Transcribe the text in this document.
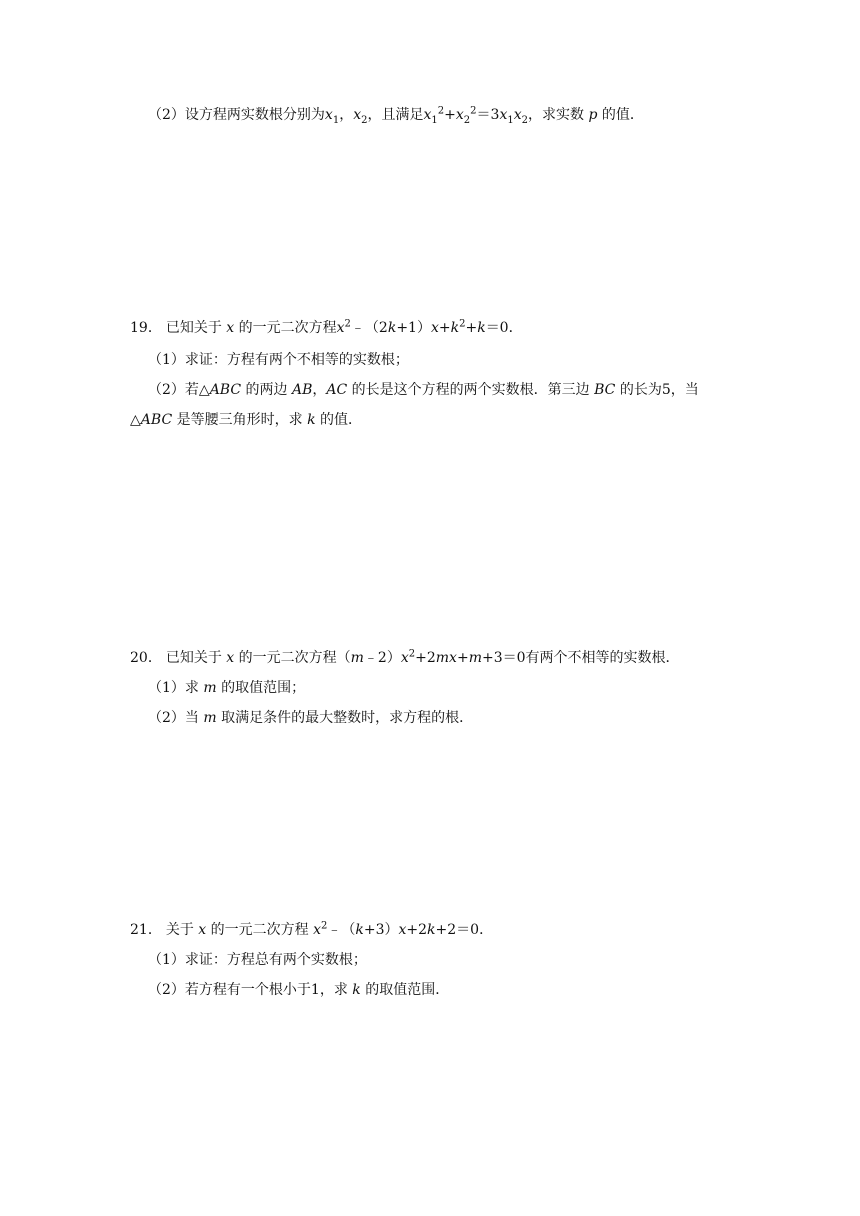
（2）设方程两实数根分别为$x_1$，$x_2$，且满足$x_1^2+x_2^2=3x_1x_2$，求实数 p 的值．
19． 已知关于 x 的一元二次方程$x^2﹣(2k+1)x+k^2+k=0$．
（1）求证：方程有两个不相等的实数根；
（2）若△ABC 的两边 AB，AC 的长是这个方程的两个实数根．第三边 BC 的长为5，当
△ABC 是等腰三角形时，求 k 的值．
20． 已知关于 x 的一元二次方程$(m﹣2)x^2+2mx+m+3=0$有两个不相等的实数根．
（1）求 m 的取值范围；
（2）当 m 取满足条件的最大整数时，求方程的根．
21． 关于 x 的一元二次方程 $x^2﹣(k+3)x+2k+2=0$．
（1）求证：方程总有两个实数根；
（2）若方程有一个根小于1，求 k 的取值范围．
